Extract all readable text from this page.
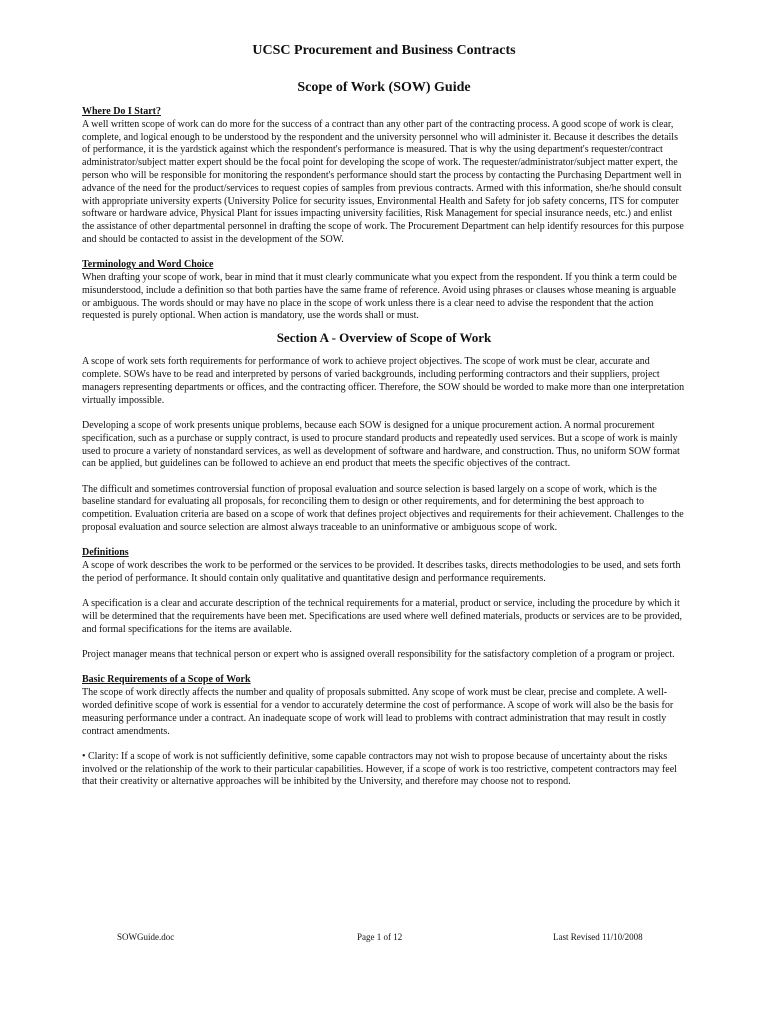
UCSC Procurement and Business Contracts
Scope of Work (SOW) Guide
Where Do I Start?

A well written scope of work can do more for the success of a contract than any other part of the contracting process. A good scope of work is clear, complete, and logical enough to be understood by the respondent and the university personnel who will administer it. Because it describes the details of performance, it is the yardstick against which the respondent's performance is measured. That is why the using department's requester/contract administrator/subject matter expert should be the focal point for developing the scope of work. The requester/administrator/subject matter expert, the person who will be responsible for monitoring the respondent's performance should start the process by contacting the Purchasing Department well in advance of the need for the product/services to request copies of samples from previous contracts. Armed with this information, she/he should consult with appropriate university experts (University Police for security issues, Environmental Health and Safety for job safety concerns, ITS for computer software or hardware advice, Physical Plant for issues impacting university facilities, Risk Management for special insurance needs, etc.) and enlist the assistance of other departmental personnel in drafting the scope of work. The Procurement Department can help identify resources for this purpose and should be contacted to assist in the development of the SOW.

Terminology and Word Choice

When drafting your scope of work, bear in mind that it must clearly communicate what you expect from the respondent. If you think a term could be misunderstood, include a definition so that both parties have the same frame of reference. Avoid using phrases or clauses whose meaning is arguable or ambiguous. The words should or may have no place in the scope of work unless there is a clear need to advise the respondent that the action requested is purely optional. When action is mandatory, use the words shall or must.

Section A - Overview of Scope of Work

A scope of work sets forth requirements for performance of work to achieve project objectives. The scope of work must be clear, accurate and complete. SOWs have to be read and interpreted by persons of varied backgrounds, including performing contractors and their suppliers, project managers representing departments or offices, and the contracting officer. Therefore, the SOW should be worded to make more than one interpretation virtually impossible.

Developing a scope of work presents unique problems, because each SOW is designed for a unique procurement action. A normal procurement specification, such as a purchase or supply contract, is used to procure standard products and repeatedly used services. But a scope of work is mainly used to procure a variety of nonstandard services, as well as development of software and hardware, and construction. Thus, no uniform SOW format can be applied, but guidelines can be followed to achieve an end product that meets the specific objectives of the contract.

The difficult and sometimes controversial function of proposal evaluation and source selection is based largely on a scope of work, which is the baseline standard for evaluating all proposals, for reconciling them to design or other requirements, and for determining the best approach to competition. Evaluation criteria are based on a scope of work that defines project objectives and requirements for their achievement. Challenges to the proposal evaluation and source selection are almost always traceable to an uninformative or ambiguous scope of work.

Definitions

A scope of work describes the work to be performed or the services to be provided. It describes tasks, directs methodologies to be used, and sets forth the period of performance. It should contain only qualitative and quantitative design and performance requirements.

A specification is a clear and accurate description of the technical requirements for a material, product or service, including the procedure by which it will be determined that the requirements have been met. Specifications are used where well defined materials, products or services are to be provided, and formal specifications for the items are available.

Project manager means that technical person or expert who is assigned overall responsibility for the satisfactory completion of a program or project.

Basic Requirements of a Scope of Work

The scope of work directly affects the number and quality of proposals submitted. Any scope of work must be clear, precise and complete. A well-worded definitive scope of work is essential for a vendor to accurately determine the cost of performance. A scope of work will also be the basis for measuring performance under a contract. An inadequate scope of work will lead to problems with contract administration that may result in costly contract amendments.

• Clarity: If a scope of work is not sufficiently definitive, some capable contractors may not wish to propose because of uncertainty about the risks involved or the relationship of the work to their particular capabilities. However, if a scope of work is too restrictive, competent contractors may feel that their creativity or alternative approaches will be inhibited by the University, and therefore may choose not to respond.

SOWGuide.doc	Page 1 of 12	Last Revised 11/10/2008
